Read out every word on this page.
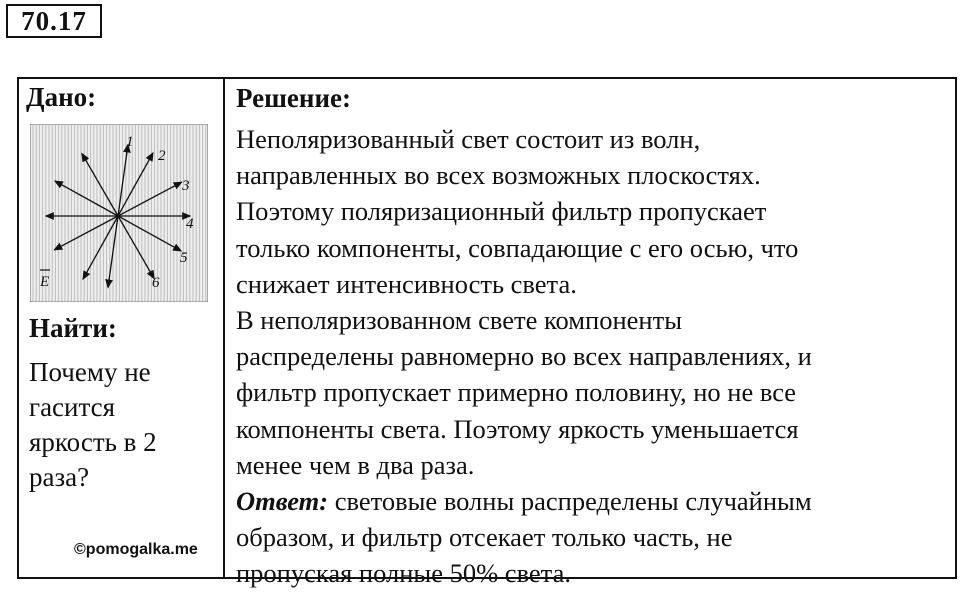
70.17
Дано:
1
2
3
4
5
6
E
Найти:
Почему не
гасится
яркость в 2
раза?
©pomogalka.me
Решение:

Неполяризованный свет состоит из волн,

направленных во всех возможных плоскостях.

Поэтому поляризационный фильтр пропускает

только компоненты, совпадающие с его осью, что

снижает интенсивность света.

В неполяризованном свете компоненты

распределены равномерно во всех направлениях, и

фильтр пропускает примерно половину, но не все

компоненты света. Поэтому яркость уменьшается

менее чем в два раза.

Ответ: световые волны распределены случайным

образом, и фильтр отсекает только часть, не

пропуская полные 50% света.
